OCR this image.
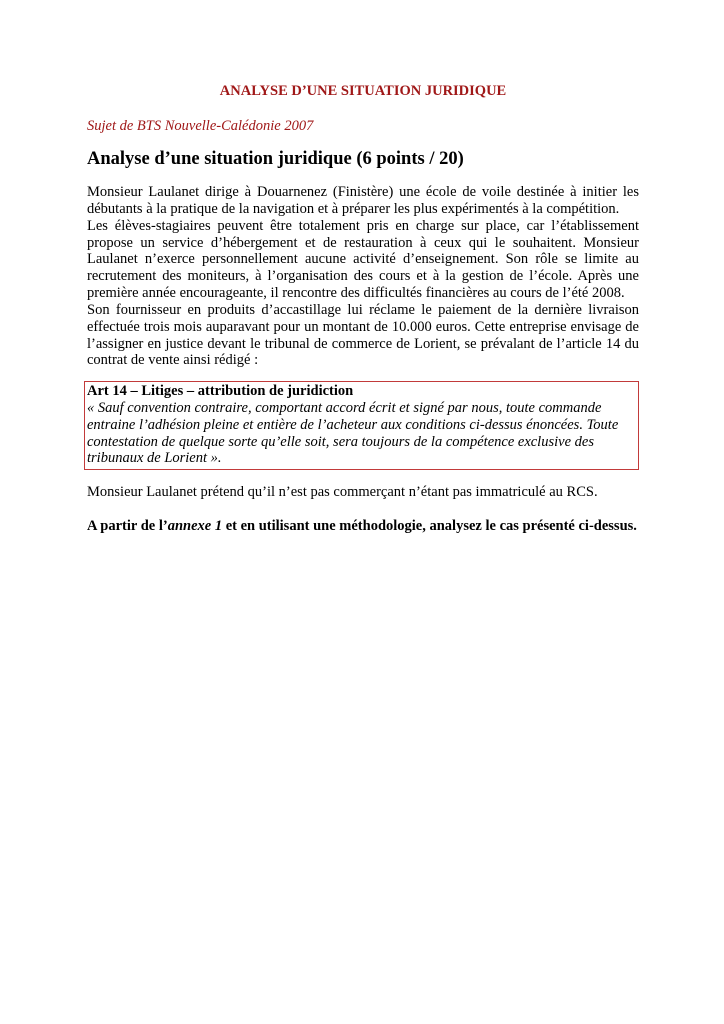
ANALYSE D’UNE SITUATION JURIDIQUE
Sujet de BTS Nouvelle-Calédonie 2007
Analyse d’une situation juridique (6 points / 20)

Monsieur Laulanet dirige à Douarnenez (Finistère) une école de voile destinée à initier les débutants à la pratique de la navigation et à préparer les plus expérimentés à la compétition.

Les élèves-stagiaires peuvent être totalement pris en charge sur place, car l’établissement propose un service d’hébergement et de restauration à ceux qui le souhaitent. Monsieur Laulanet n’exerce personnellement aucune activité d’enseignement. Son rôle se limite au recrutement des moniteurs, à l’organisation des cours et à la gestion de l’école. Après une première année encourageante, il rencontre des difficultés financières au cours de l’été 2008.

Son fournisseur en produits d’accastillage lui réclame le paiement de la dernière livraison effectuée trois mois auparavant pour un montant de 10.000 euros. Cette entreprise envisage de l’assigner en justice devant le tribunal de commerce de Lorient, se prévalant de l’article 14 du contrat de vente ainsi rédigé :

Art 14 – Litiges – attribution de juridiction
« Sauf convention contraire, comportant accord écrit et signé par nous, toute commande entraine l’adhésion pleine et entière de l’acheteur aux conditions ci-dessus énoncées. Toute contestation de quelque sorte qu’elle soit, sera toujours de la compétence exclusive des tribunaux de Lorient ».

Monsieur Laulanet prétend qu’il n’est pas commerçant n’étant pas immatriculé au RCS.

A partir de l’annexe 1 et en utilisant une méthodologie, analysez le cas présenté ci-dessus.
